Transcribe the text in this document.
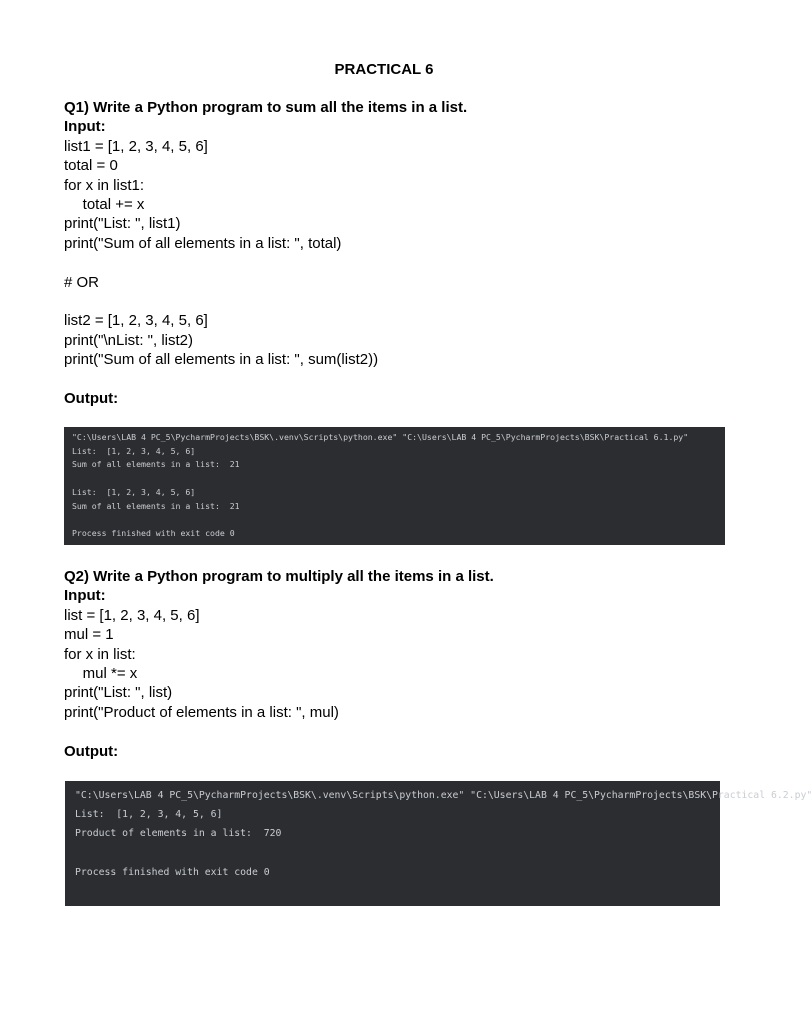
PRACTICAL 6
Q1) Write a Python program to sum all the items in a list.
Input:
list1 = [1, 2, 3, 4, 5, 6]
total = 0
for x in list1:
total += x
print("List: ", list1)
print("Sum of all elements in a list: ", total)
# OR
list2 = [1, 2, 3, 4, 5, 6]
print("\nList: ", list2)
print("Sum of all elements in a list: ", sum(list2))
Output:
"C:\Users\LAB 4 PC_5\PycharmProjects\BSK\.venv\Scripts\python.exe" "C:\Users\LAB 4 PC_5\PycharmProjects\BSK\Practical 6.1.py"
List:  [1, 2, 3, 4, 5, 6]
Sum of all elements in a list:  21

List:  [1, 2, 3, 4, 5, 6]
Sum of all elements in a list:  21

Process finished with exit code 0
Q2) Write a Python program to multiply all the items in a list.
Input:
list = [1, 2, 3, 4, 5, 6]
mul = 1
for x in list:
mul *= x
print("List: ", list)
print("Product of elements in a list: ", mul)
Output:
"C:\Users\LAB 4 PC_5\PycharmProjects\BSK\.venv\Scripts\python.exe" "C:\Users\LAB 4 PC_5\PycharmProjects\BSK\Practical 6.2.py"
List:  [1, 2, 3, 4, 5, 6]
Product of elements in a list:  720

Process finished with exit code 0
